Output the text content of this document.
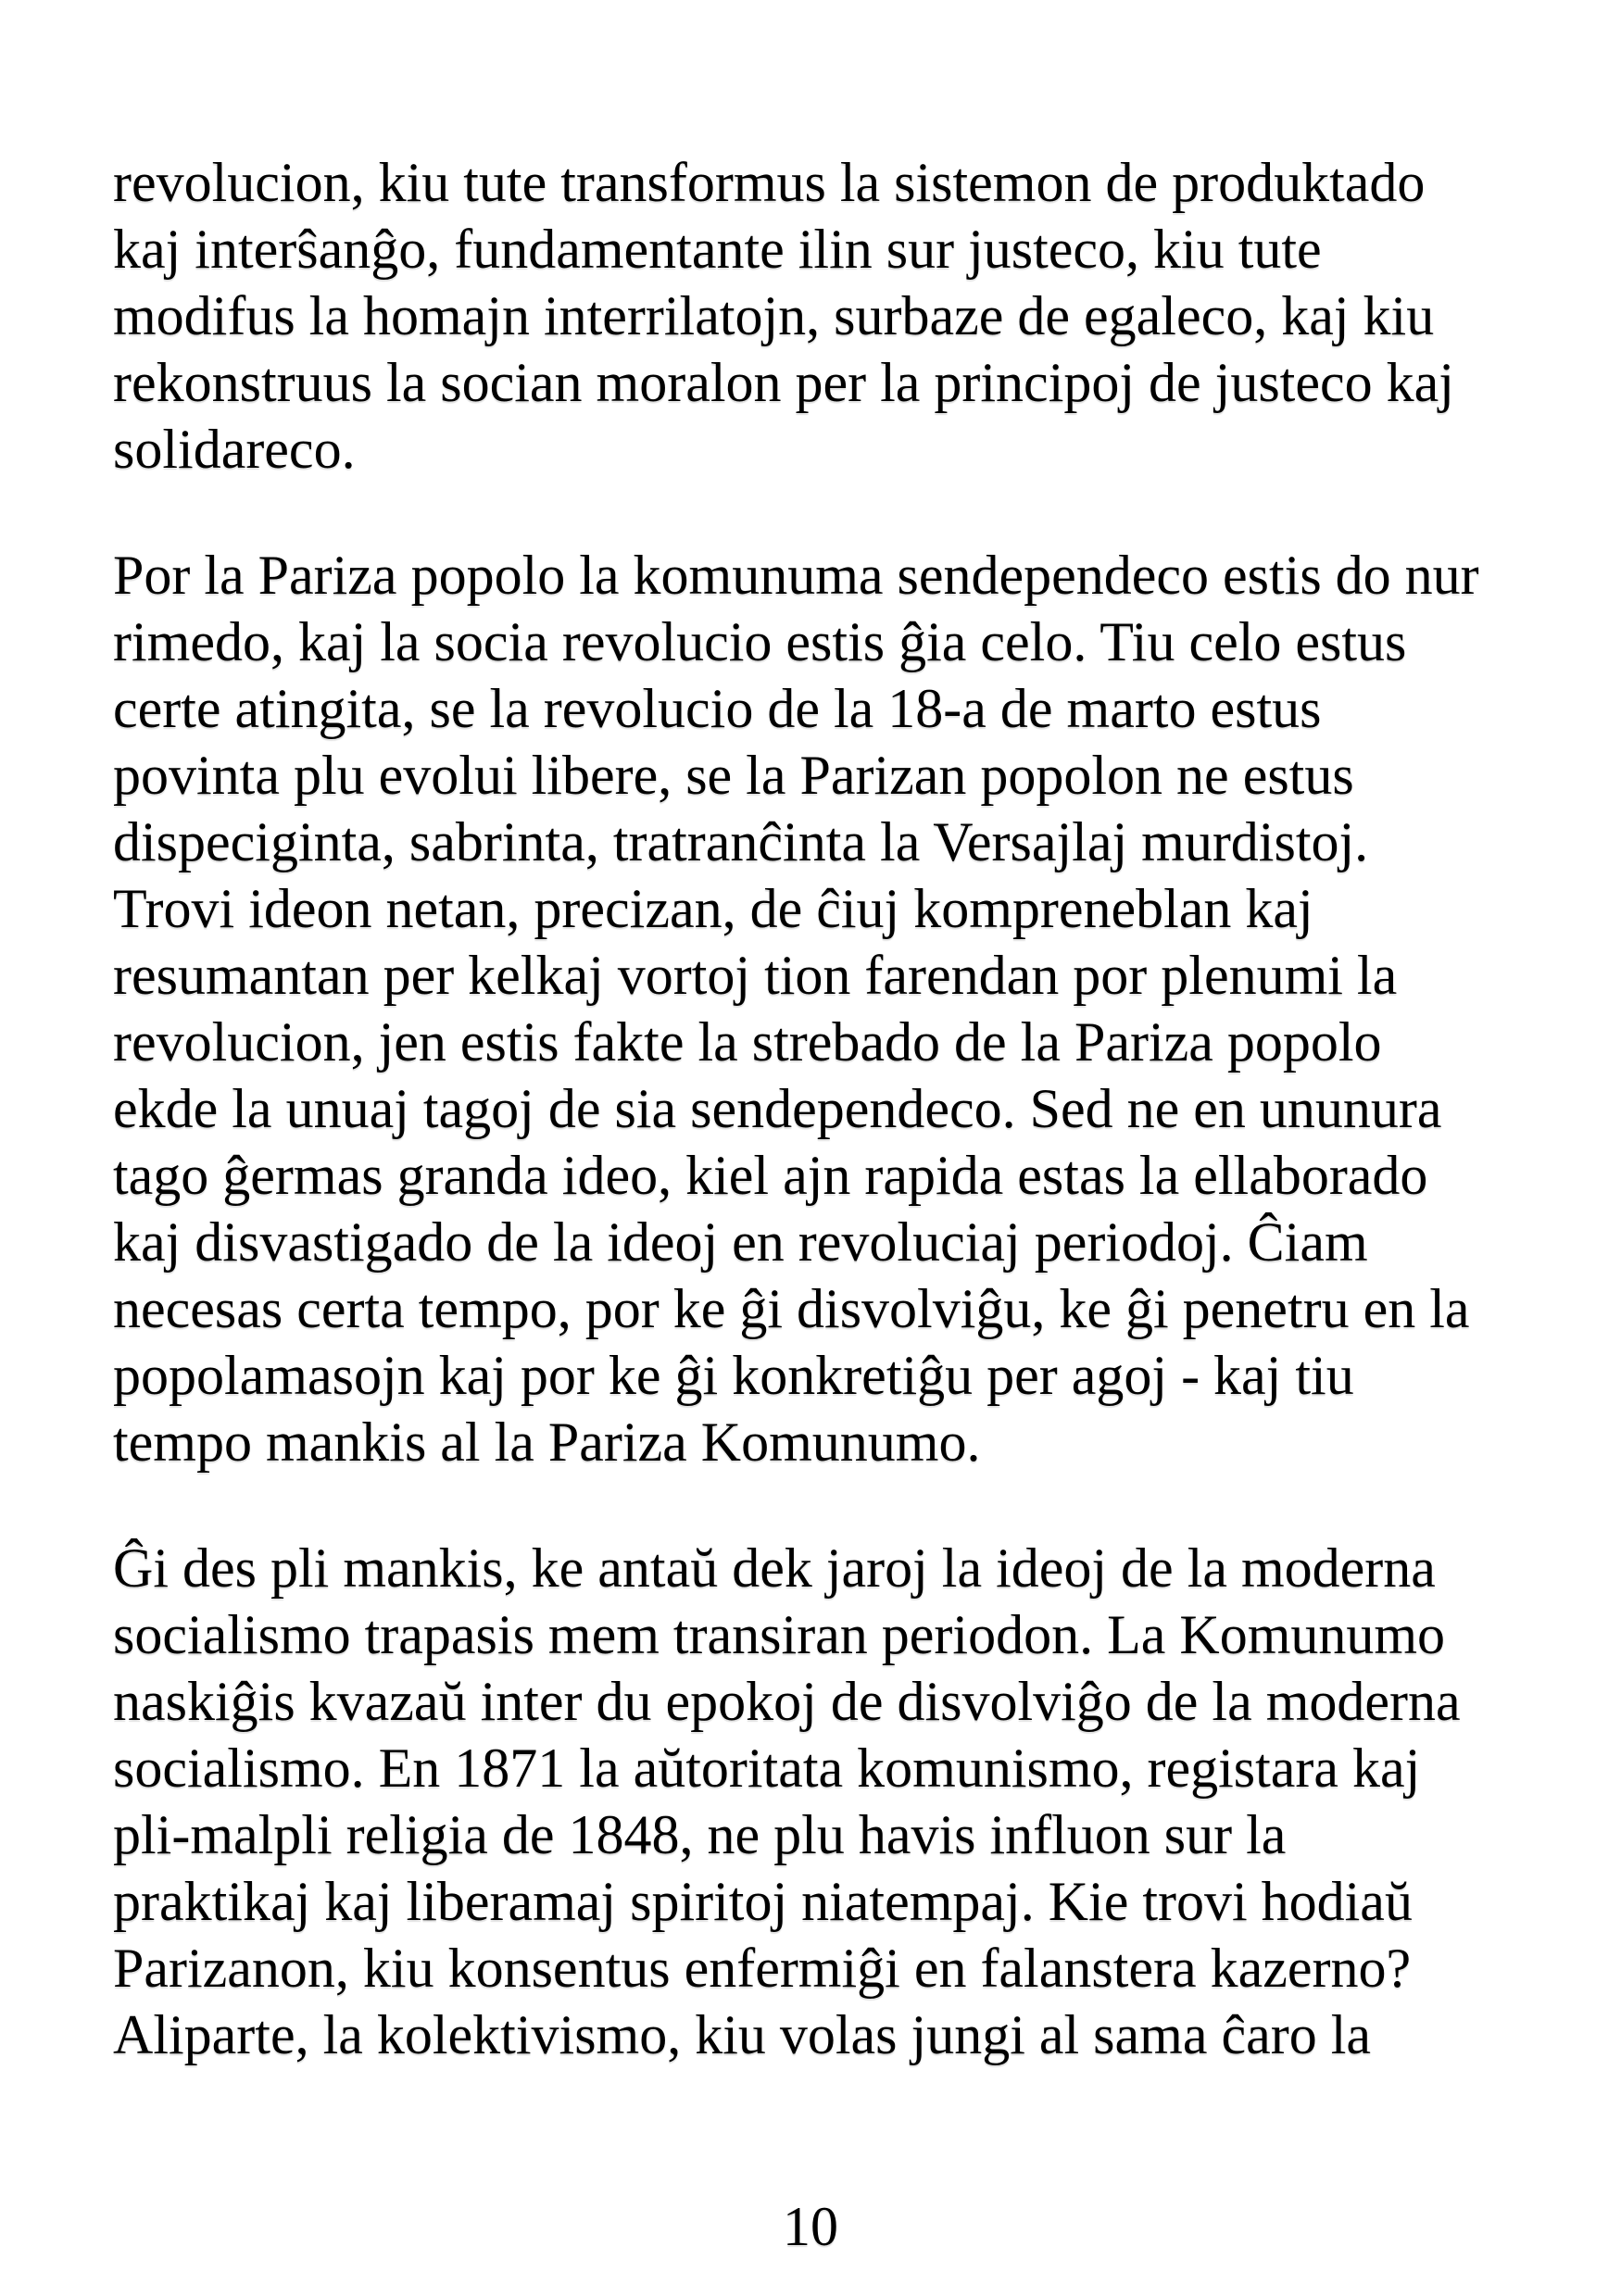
revolucion, kiu tute transformus la sistemon de produktado
kaj interŝanĝo, fundamentante ilin sur justeco, kiu tute
modifus la homajn interrilatojn, surbaze de egaleco, kaj kiu
rekonstruus la socian moralon per la principoj de justeco kaj
solidareco.
Por la Pariza popolo la komunuma sendependeco estis do nur
rimedo, kaj la socia revolucio estis ĝia celo. Tiu celo estus
certe atingita, se la revolucio de la 18-a de marto estus
povinta plu evolui libere, se la Parizan popolon ne estus
dispeciginta, sabrinta, tratranĉinta la Versajlaj murdistoj.
Trovi ideon netan, precizan, de ĉiuj kompreneblan kaj
resumantan per kelkaj vortoj tion farendan por plenumi la
revolucion, jen estis fakte la strebado de la Pariza popolo
ekde la unuaj tagoj de sia sendependeco. Sed ne en ununura
tago ĝermas granda ideo, kiel ajn rapida estas la ellaborado
kaj disvastigado de la ideoj en revoluciaj periodoj. Ĉiam
necesas certa tempo, por ke ĝi disvolviĝu, ke ĝi penetru en la
popolamasojn kaj por ke ĝi konkretiĝu per agoj - kaj tiu
tempo mankis al la Pariza Komunumo.
Ĝi des pli mankis, ke antaŭ dek jaroj la ideoj de la moderna
socialismo trapasis mem transiran periodon. La Komunumo
naskiĝis kvazaŭ inter du epokoj de disvolviĝo de la moderna
socialismo. En 1871 la aŭtoritata komunismo, registara kaj
pli-malpli religia de 1848, ne plu havis influon sur la
praktikaj kaj liberamaj spiritoj niatempaj. Kie trovi hodiaŭ
Parizanon, kiu konsentus enfermiĝi en falanstera kazerno?
Aliparte, la kolektivismo, kiu volas jungi al sama ĉaro la
10
